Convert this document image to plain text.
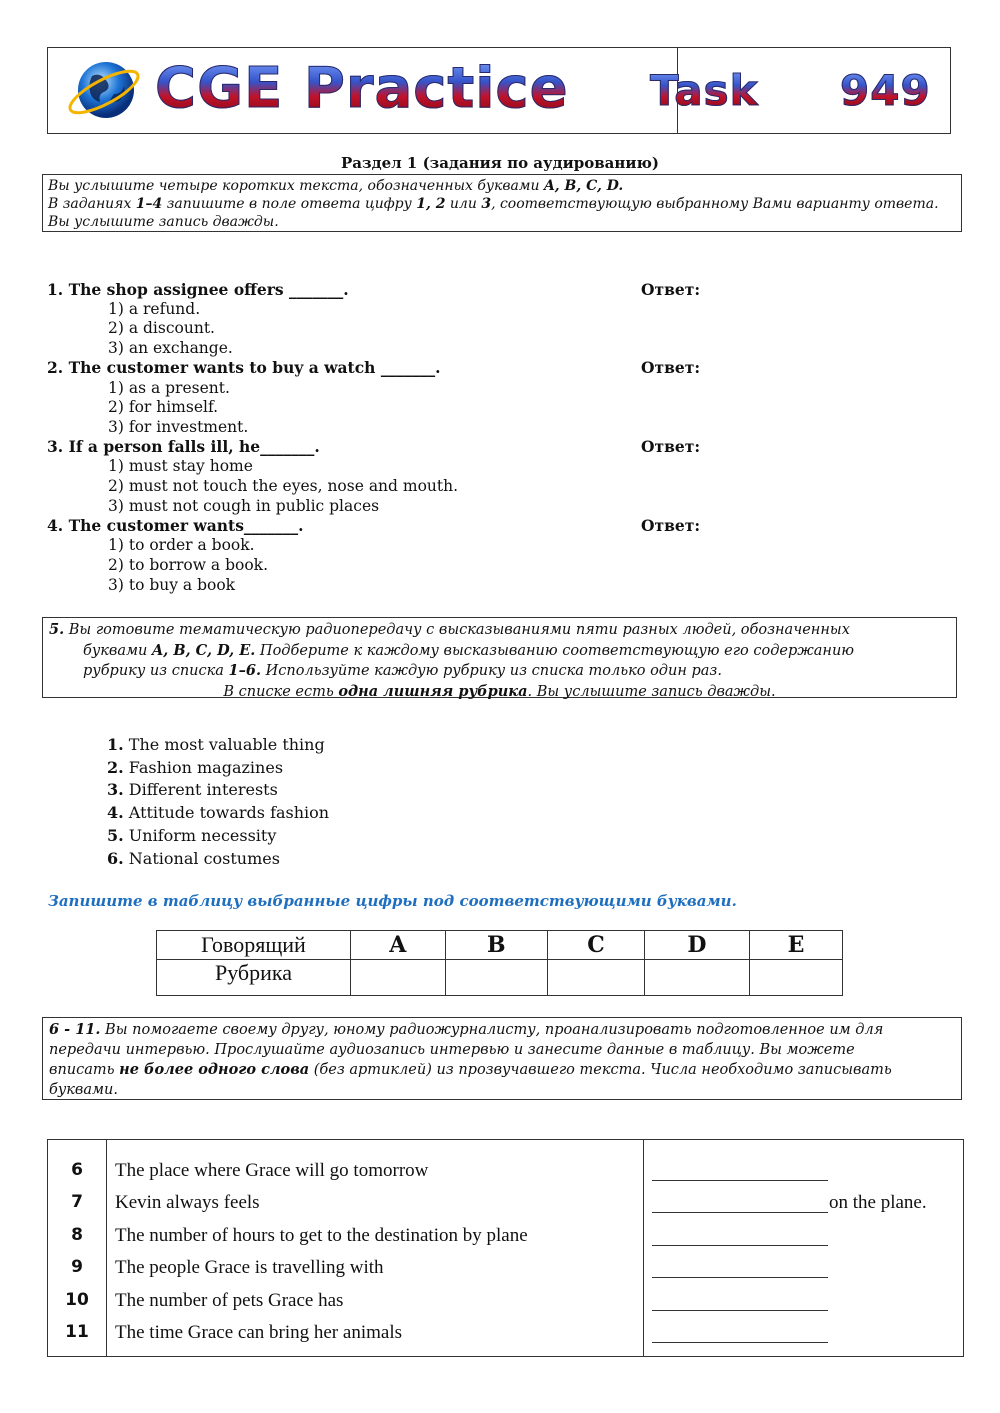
CGE Practice Task 949
Раздел 1 (задания по аудированию)
Вы услышите четыре коротких текста, обозначенных буквами A, B, C, D.
В заданиях 1–4 запишите в поле ответа цифру 1, 2 или 3, соответствующую выбранному Вами варианту ответа.
Вы услышите запись дважды.
1. The shop assignee offers _______.	Ответ:
1) a refund.
2) a discount.
3) an exchange.
2. The customer wants to buy a watch _______.	Ответ:
1) as a present.
2) for himself.
3) for investment.
3. If a person falls ill, he_______.	Ответ:
1) must stay home
2) must not touch the eyes, nose and mouth.
3) must not cough in public places
4. The customer wants_______.	Ответ:
1) to order a book.
2) to borrow a book.
3) to buy a book
5. Вы готовите тематическую радиопередачу с высказываниями пяти разных людей, обозначенных
буквами A, B, C, D, E. Подберите к каждому высказыванию соответствующую его содержанию
рубрику из списка 1–6. Используйте каждую рубрику из списка только один раз.
В списке есть одна лишняя рубрика. Вы услышите запись дважды.
1. The most valuable thing
2. Fashion magazines
3. Different interests
4. Attitude towards fashion
5. Uniform necessity
6. National costumes
Запишите в таблицу выбранные цифры под соответствующими буквами.
Говорящий	A	B	C	D	E
Рубрика					
6 - 11. Вы помогаете своему другу, юному радиожурналисту, проанализировать подготовленное им для
передачи интервью. Прослушайте аудиозапись интервью и занесите данные в таблицу. Вы можете
вписать не более одного слова (без артиклей) из прозвучавшего текста. Числа необходимо записывать
буквами.
6	The place where Grace will go tomorrow
7	Kevin always feels	on the plane.
8	The number of hours to get to the destination by plane
9	The people Grace is travelling with
10	The number of pets Grace has
11	The time Grace can bring her animals
